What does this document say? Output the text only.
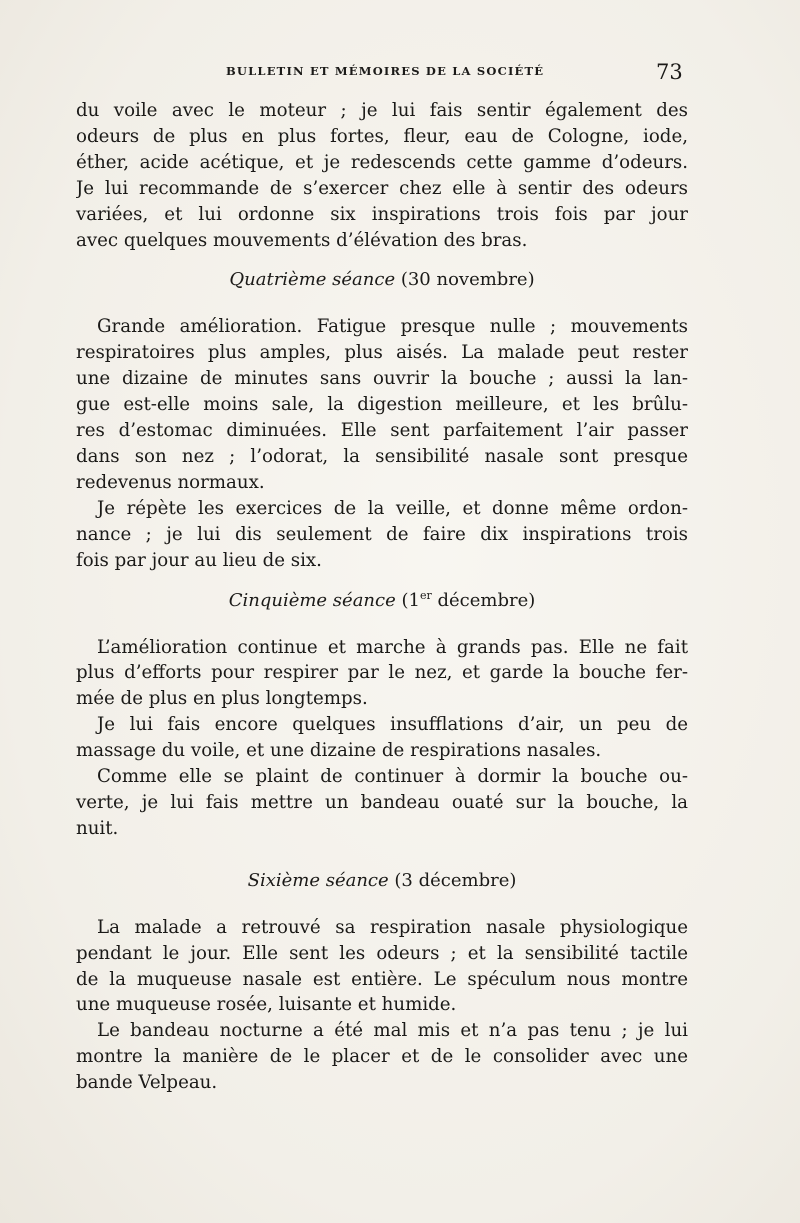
BULLETIN ET MÉMOIRES DE LA SOCIÉTÉ	73
du voile avec le moteur ; je lui fais sentir également des
odeurs de plus en plus fortes, fleur, eau de Cologne, iode,
éther, acide acétique, et je redescends cette gamme d’odeurs.
Je lui recommande de s’exercer chez elle à sentir des odeurs
variées, et lui ordonne six inspirations trois fois par jour
avec quelques mouvements d’élévation des bras.
Quatrième séance (30 novembre)
Grande amélioration. Fatigue presque nulle ; mouvements
respiratoires plus amples, plus aisés. La malade peut rester
une dizaine de minutes sans ouvrir la bouche ; aussi la lan-
gue est-elle moins sale, la digestion meilleure, et les brûlu-
res d’estomac diminuées. Elle sent parfaitement l’air passer
dans son nez ; l’odorat, la sensibilité nasale sont presque
redevenus normaux.
Je répète les exercices de la veille, et donne même ordon-
nance ; je lui dis seulement de faire dix inspirations trois
fois par jour au lieu de six.
Cinquième séance (1er décembre)
L’amélioration continue et marche à grands pas. Elle ne fait
plus d’efforts pour respirer par le nez, et garde la bouche fer-
mée de plus en plus longtemps.
Je lui fais encore quelques insufflations d’air, un peu de
massage du voile, et une dizaine de respirations nasales.
Comme elle se plaint de continuer à dormir la bouche ou-
verte, je lui fais mettre un bandeau ouaté sur la bouche, la
nuit.
Sixième séance (3 décembre)
La malade a retrouvé sa respiration nasale physiologique
pendant le jour. Elle sent les odeurs ; et la sensibilité tactile
de la muqueuse nasale est entière. Le spéculum nous montre
une muqueuse rosée, luisante et humide.
Le bandeau nocturne a été mal mis et n’a pas tenu ; je lui
montre la manière de le placer et de le consolider avec une
bande Velpeau.
